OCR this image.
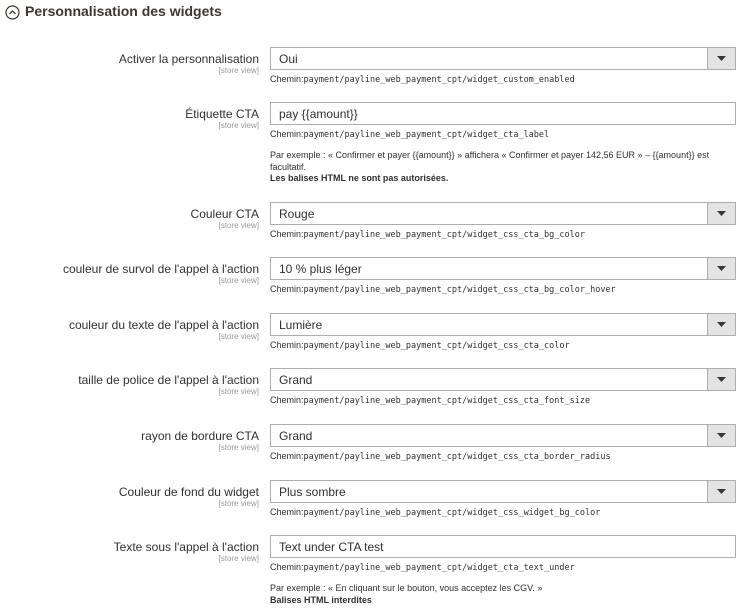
Personnalisation des widgets
Activer la personnalisation
[store view]
Oui
Chemin:payment/payline_web_payment_cpt/widget_custom_enabled
Étiquette CTA
[store view]
pay {{amount}}
Chemin:payment/payline_web_payment_cpt/widget_cta_label
Par exemple : « Confirmer et payer {{amount}} » affichera « Confirmer et payer 142,56 EUR » – {{amount}} est facultatif.
Les balises HTML ne sont pas autorisées.
Couleur CTA
[store view]
Rouge
Chemin:payment/payline_web_payment_cpt/widget_css_cta_bg_color
couleur de survol de l'appel à l'action
[store view]
10 % plus léger
Chemin:payment/payline_web_payment_cpt/widget_css_cta_bg_color_hover
couleur du texte de l'appel à l'action
[store view]
Lumière
Chemin:payment/payline_web_payment_cpt/widget_css_cta_color
taille de police de l'appel à l'action
[store view]
Grand
Chemin:payment/payline_web_payment_cpt/widget_css_cta_font_size
rayon de bordure CTA
[store view]
Grand
Chemin:payment/payline_web_payment_cpt/widget_css_cta_border_radius
Couleur de fond du widget
[store view]
Plus sombre
Chemin:payment/payline_web_payment_cpt/widget_css_widget_bg_color
Texte sous l'appel à l'action
[store view]
Text under CTA test
Chemin:payment/payline_web_payment_cpt/widget_cta_text_under
Par exemple : « En cliquant sur le bouton, vous acceptez les CGV. »
Balises HTML interdites
